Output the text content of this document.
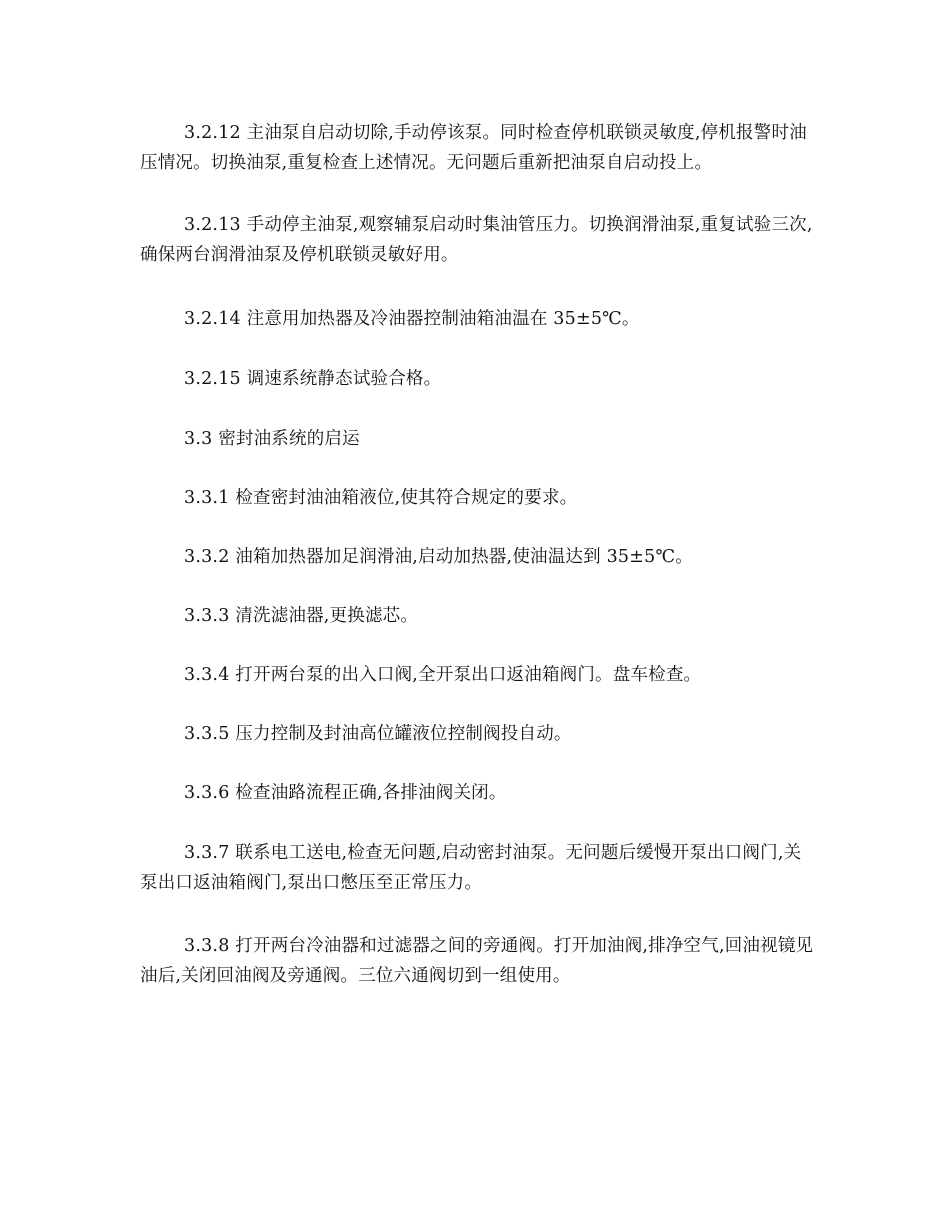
3.2.12 主油泵自启动切除,手动停该泵。同时检查停机联锁灵敏度,停机报警时油压情况。切换油泵,重复检查上述情况。无问题后重新把油泵自启动投上。

3.2.13 手动停主油泵,观察辅泵启动时集油管压力。切换润滑油泵,重复试验三次,确保两台润滑油泵及停机联锁灵敏好用。

3.2.14 注意用加热器及冷油器控制油箱油温在 35±5℃。

3.2.15 调速系统静态试验合格。

3.3 密封油系统的启运

3.3.1 检查密封油油箱液位,使其符合规定的要求。

3.3.2 油箱加热器加足润滑油,启动加热器,使油温达到 35±5℃。

3.3.3 清洗滤油器,更换滤芯。

3.3.4 打开两台泵的出入口阀,全开泵出口返油箱阀门。盘车检查。

3.3.5 压力控制及封油高位罐液位控制阀投自动。

3.3.6 检查油路流程正确,各排油阀关闭。

3.3.7 联系电工送电,检查无问题,启动密封油泵。无问题后缓慢开泵出口阀门,关泵出口返油箱阀门,泵出口憋压至正常压力。

3.3.8 打开两台冷油器和过滤器之间的旁通阀。打开加油阀,排净空气,回油视镜见油后,关闭回油阀及旁通阀。三位六通阀切到一组使用。
